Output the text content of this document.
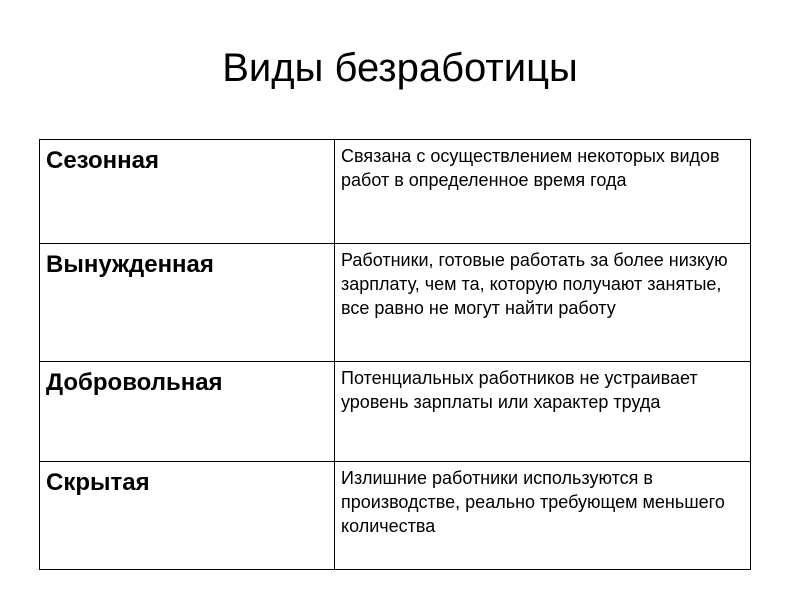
Виды безработицы
Сезонная	Связана с осуществлением некоторых видов работ в определенное время года
Вынужденная	Работники, готовые работать за более низкую зарплату, чем та, которую получают занятые, все равно не могут найти работу
Добровольная	Потенциальных работников не устраивает уровень зарплаты или характер труда
Скрытая	Излишние работники используются в производстве, реально требующем меньшего количества
